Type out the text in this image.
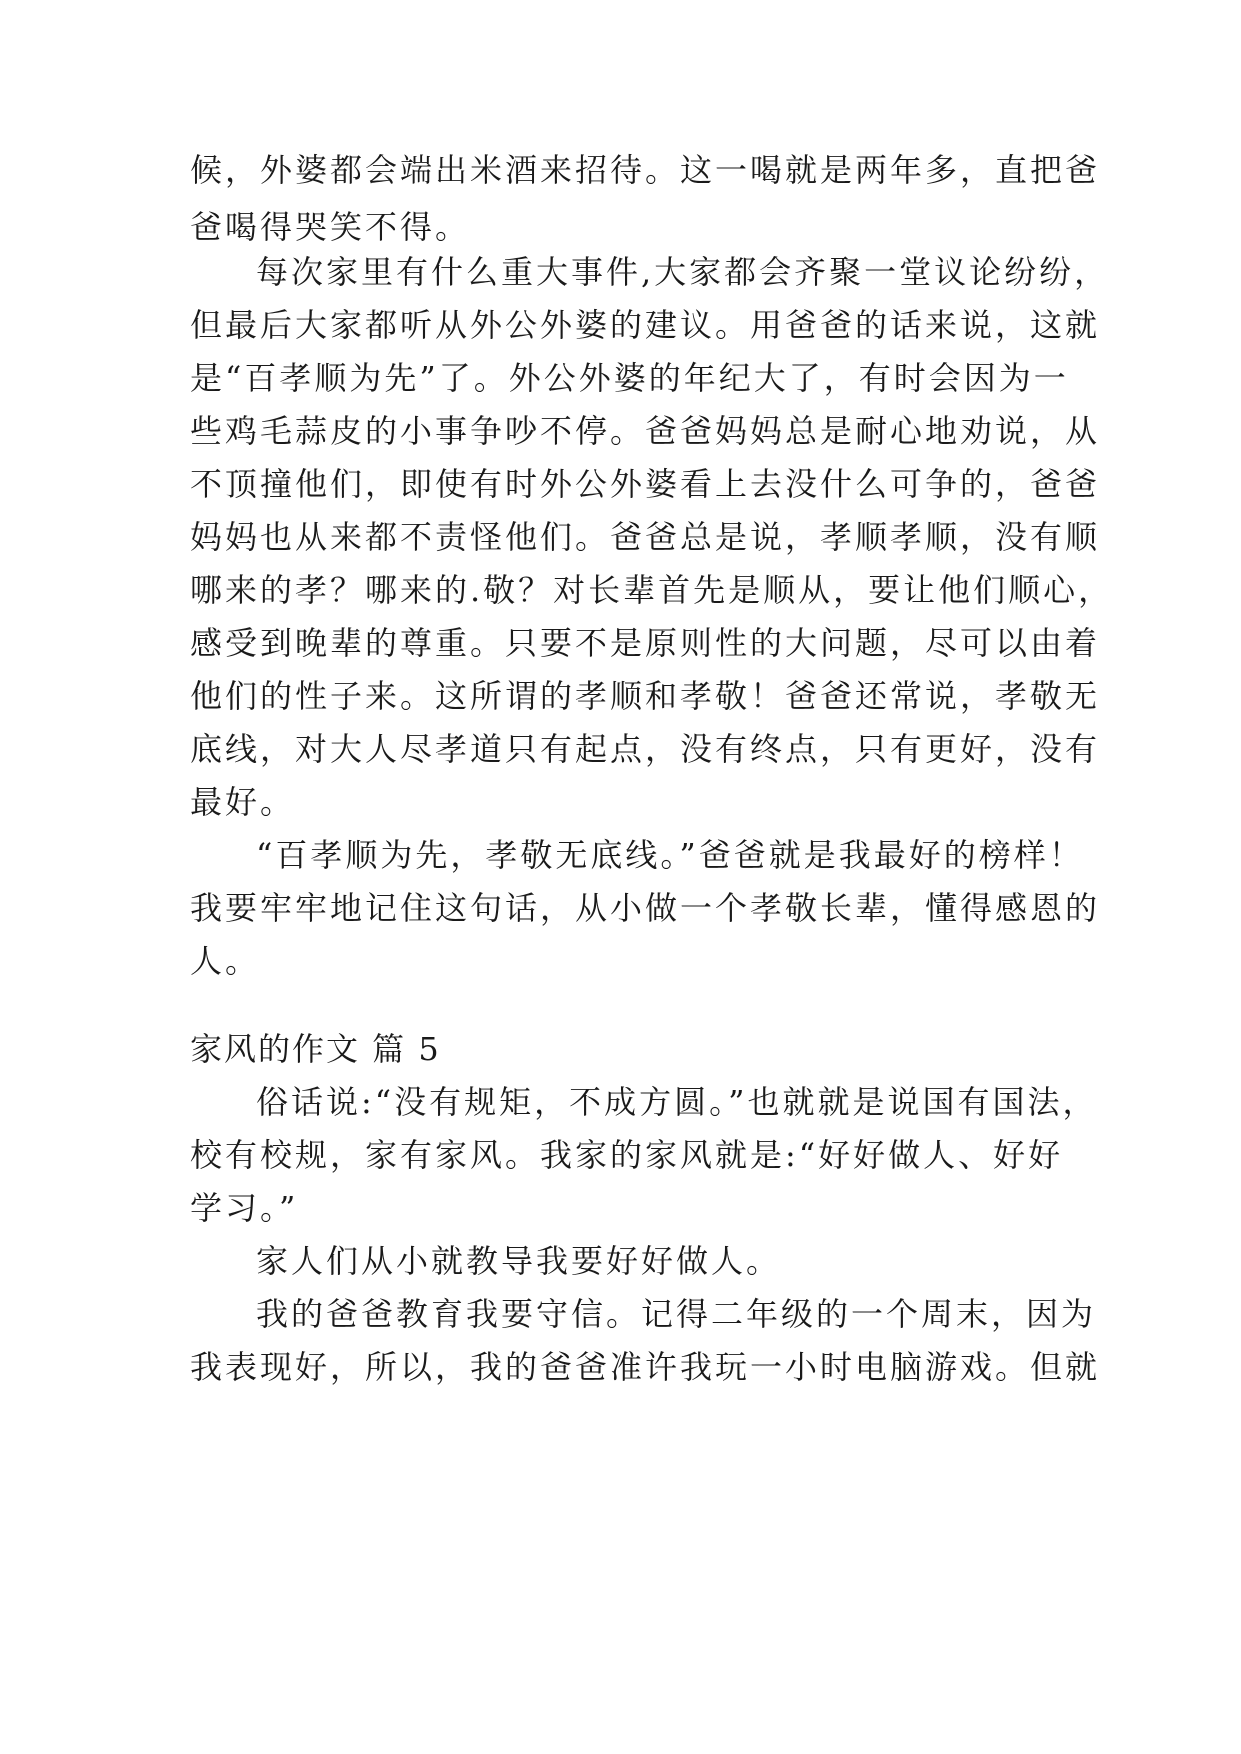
候，外婆都会端出米酒来招待。这一喝就是两年多，直把爸
爸喝得哭笑不得。
每次家里有什么重大事件,大家都会齐聚一堂议论纷纷，
但最后大家都听从外公外婆的建议。用爸爸的话来说，这就
是“百孝顺为先”了。外公外婆的年纪大了，有时会因为一
些鸡毛蒜皮的小事争吵不停。爸爸妈妈总是耐心地劝说，从
不顶撞他们，即使有时外公外婆看上去没什么可争的，爸爸
妈妈也从来都不责怪他们。爸爸总是说，孝顺孝顺，没有顺
哪来的孝？哪来的.敬？对长辈首先是顺从，要让他们顺心，
感受到晚辈的尊重。只要不是原则性的大问题，尽可以由着
他们的性子来。这所谓的孝顺和孝敬！爸爸还常说，孝敬无
底线，对大人尽孝道只有起点，没有终点，只有更好，没有
最好。
“百孝顺为先，孝敬无底线。”爸爸就是我最好的榜样！
我要牢牢地记住这句话，从小做一个孝敬长辈，懂得感恩的
人。
家风的作文 篇 5
俗话说:“没有规矩，不成方圆。”也就就是说国有国法，
校有校规，家有家风。我家的家风就是:“好好做人、好好
学习。”
家人们从小就教导我要好好做人。
我的爸爸教育我要守信。记得二年级的一个周末，因为
我表现好，所以，我的爸爸准许我玩一小时电脑游戏。但就
